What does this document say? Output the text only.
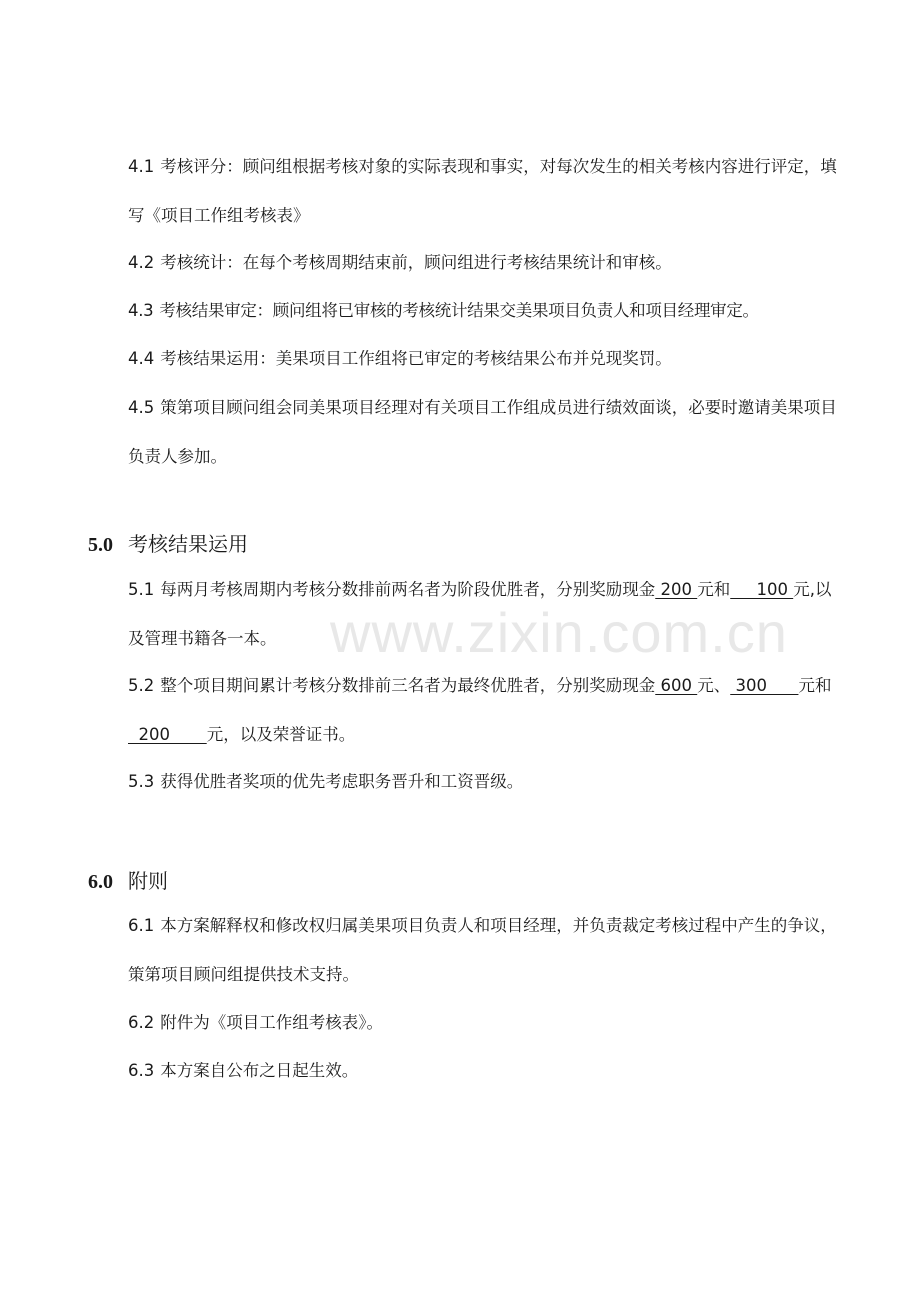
www.zixin.com.cn

4.1 考核评分：顾问组根据考核对象的实际表现和事实，对每次发生的相关考核内容进行评定，填写《项目工作组考核表》

4.2 考核统计：在每个考核周期结束前，顾问组进行考核结果统计和审核。

4.3 考核结果审定：顾问组将已审核的考核统计结果交美果项目负责人和项目经理审定。

4.4 考核结果运用：美果项目工作组将已审定的考核结果公布并兑现奖罚。

4.5 策第项目顾问组会同美果项目经理对有关项目工作组成员进行绩效面谈，必要时邀请美果项目负责人参加。

5.0 考核结果运用

5.1 每两月考核周期内考核分数排前两名者为阶段优胜者，分别奖励现金 200 元和     100 元,以及管理书籍各一本。

5.2 整个项目期间累计考核分数排前三名者为最终优胜者，分别奖励现金 600 元、 300      元和  200       元，以及荣誉证书。

5.3 获得优胜者奖项的优先考虑职务晋升和工资晋级。

6.0 附则

6.1 本方案解释权和修改权归属美果项目负责人和项目经理，并负责裁定考核过程中产生的争议，策第项目顾问组提供技术支持。

6.2 附件为《项目工作组考核表》。

6.3 本方案自公布之日起生效。
